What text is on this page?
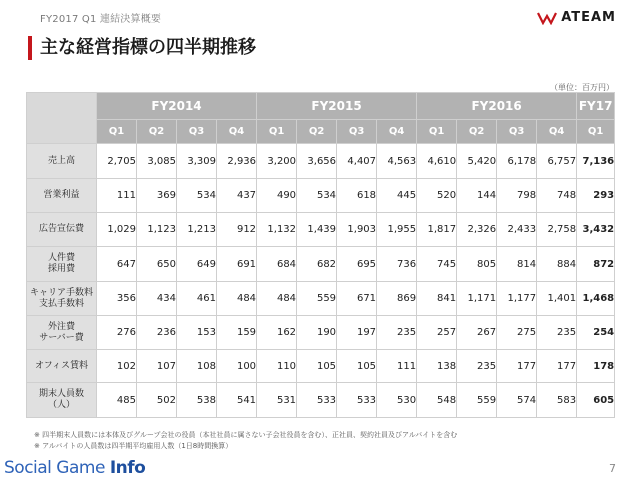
FY2017 Q1 連結決算概要
主な経営指標の四半期推移
ATEAM
（単位：百万円）
	FY2014				FY2015				FY2016				FY17
	Q1	Q2	Q3	Q4	Q1	Q2	Q3	Q4	Q1	Q2	Q3	Q4	Q1

売上高	2,705	3,085	3,309	2,936	3,200	3,656	4,407	4,563	4,610	5,420	6,178	6,757	7,136

営業利益	111	369	534	437	490	534	618	445	520	144	798	748	293

広告宣伝費	1,029	1,123	1,213	912	1,132	1,439	1,903	1,955	1,817	2,326	2,433	2,758	3,432

人件費
採用費	647	650	649	691	684	682	695	736	745	805	814	884	872

キャリア手数料
支払手数料	356	434	461	484	484	559	671	869	841	1,171	1,177	1,401	1,468

外注費
サーバー費	276	236	153	159	162	190	197	235	257	267	275	235	254

オフィス賃料	102	107	108	100	110	105	105	111	138	235	177	177	178

期末人員数
（人）	485	502	538	541	531	533	533	530	548	559	574	583	605
※ 四半期末人員数には本体及びグループ会社の役員（本社社員に属さない子会社役員を含む）、正社員、契約社員及びアルバイトを含む
※ アルバイトの人員数は四半期平均雇用人数（1日8時間換算）
Social Game Info	7
